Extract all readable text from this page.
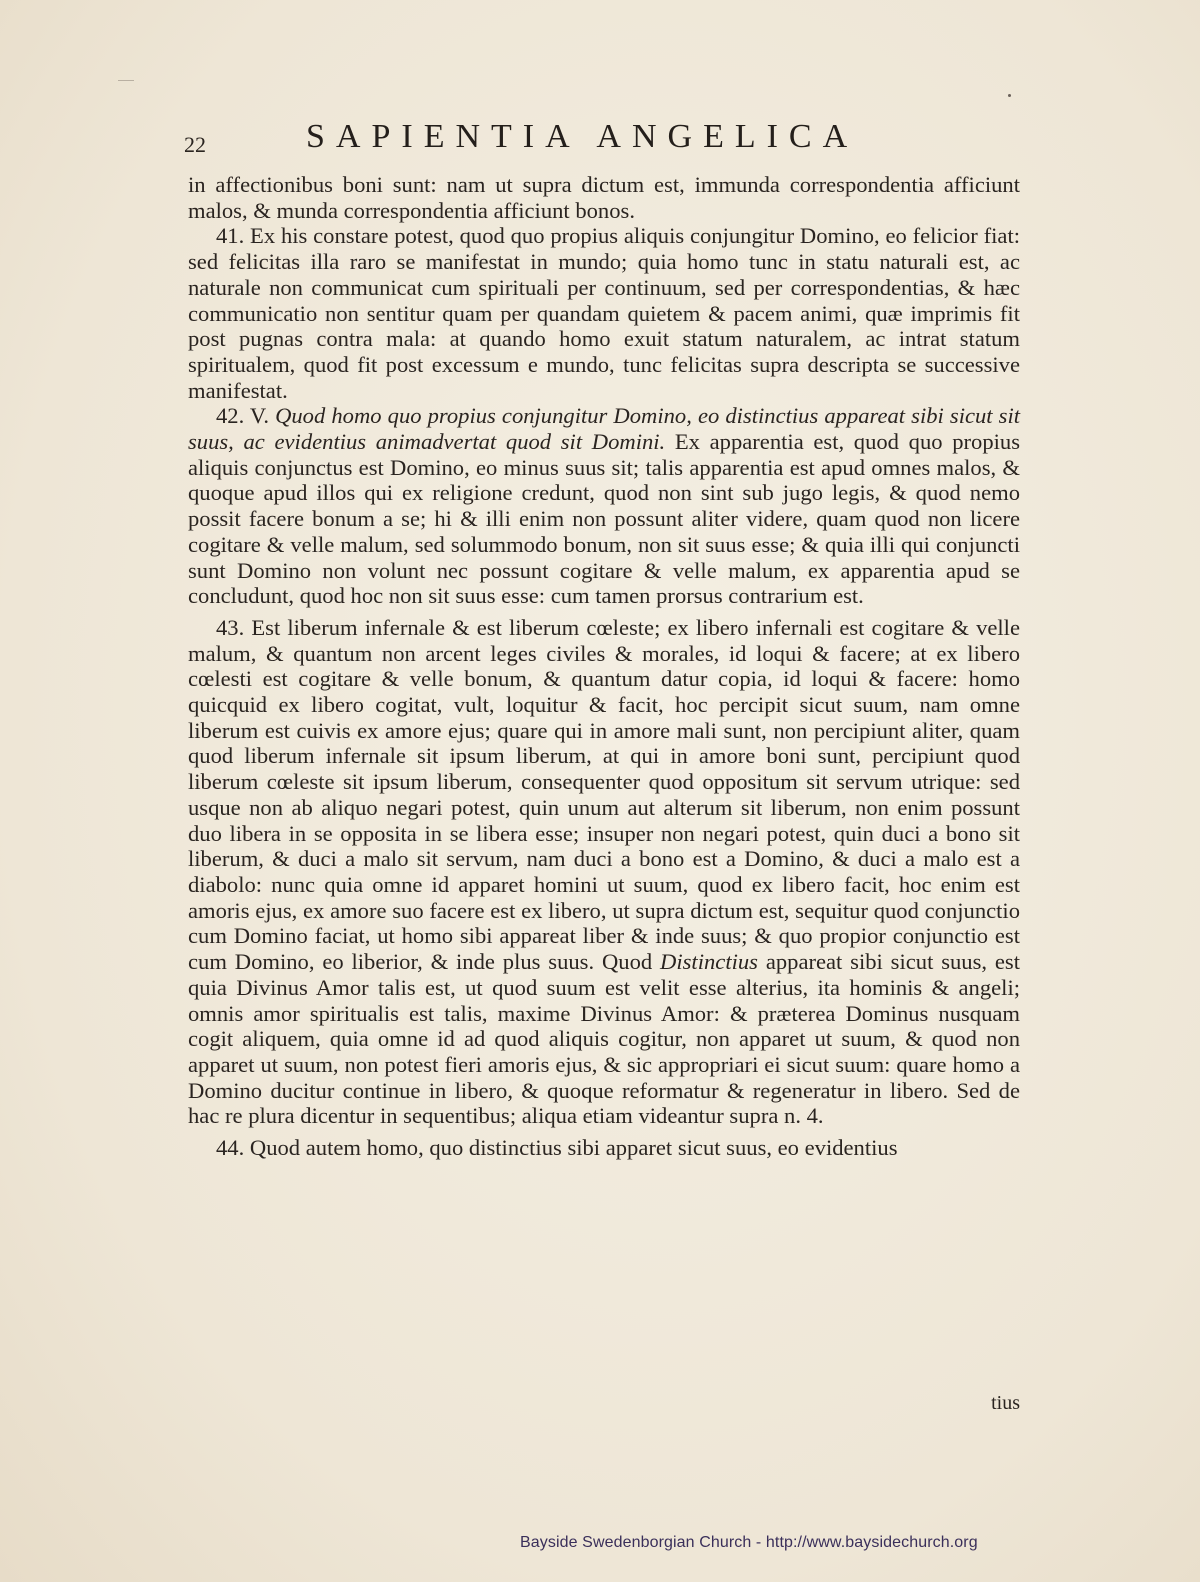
22	SAPIENTIA ANGELICA

in affectionibus boni sunt: nam ut supra dictum est, immunda correspondentia afficiunt malos, & munda correspondentia afficiunt bonos.

41. Ex his constare potest, quod quo propius aliquis conjungitur Domino, eo felicior fiat: sed felicitas illa raro se manifestat in mundo; quia homo tunc in statu naturali est, ac naturale non communicat cum spirituali per continuum, sed per correspondentias, & hæc communicatio non sentitur quam per quandam quietem & pacem animi, quæ imprimis fit post pugnas contra mala: at quando homo exuit statum naturalem, ac intrat statum spiritualem, quod fit post excessum e mundo, tunc felicitas supra descripta se successive manifestat.

42. V. Quod homo quo propius conjungitur Domino, eo distinctius appareat sibi sicut sit suus, ac evidentius animadvertat quod sit Domini. Ex apparentia est, quod quo propius aliquis conjunctus est Domino, eo minus suus sit; talis apparentia est apud omnes malos, & quoque apud illos qui ex religione credunt, quod non sint sub jugo legis, & quod nemo possit facere bonum a se; hi & illi enim non possunt aliter videre, quam quod non licere cogitare & velle malum, sed solummodo bonum, non sit suus esse; & quia illi qui conjuncti sunt Domino non volunt nec possunt cogitare & velle malum, ex apparentia apud se concludunt, quod hoc non sit suus esse: cum tamen prorsus contrarium est.

43. Est liberum infernale & est liberum cœleste; ex libero infernali est cogitare & velle malum, & quantum non arcent leges civiles & morales, id loqui & facere; at ex libero cœlesti est cogitare & velle bonum, & quantum datur copia, id loqui & facere: homo quicquid ex libero cogitat, vult, loquitur & facit, hoc percipit sicut suum, nam omne liberum est cuivis ex amore ejus; quare qui in amore mali sunt, non percipiunt aliter, quam quod liberum infernale sit ipsum liberum, at qui in amore boni sunt, percipiunt quod liberum cœleste sit ipsum liberum, consequenter quod oppositum sit servum utrique: sed usque non ab aliquo negari potest, quin unum aut alterum sit liberum, non enim possunt duo libera in se opposita in se libera esse; insuper non negari potest, quin duci a bono sit liberum, & duci a malo sit servum, nam duci a bono est a Domino, & duci a malo est a diabolo: nunc quia omne id apparet homini ut suum, quod ex libero facit, hoc enim est amoris ejus, ex amore suo facere est ex libero, ut supra dictum est, sequitur quod conjunctio cum Domino faciat, ut homo sibi appareat liber & inde suus; & quo propior conjunctio est cum Domino, eo liberior, & inde plus suus. Quod Distinctius appareat sibi sicut suus, est quia Divinus Amor talis est, ut quod suum est velit esse alterius, ita hominis & angeli; omnis amor spiritualis est talis, maxime Divinus Amor: & præterea Dominus nusquam cogit aliquem, quia omne id ad quod aliquis cogitur, non apparet ut suum, & quod non apparet ut suum, non potest fieri amoris ejus, & sic appropriari ei sicut suum: quare homo a Domino ducitur continue in libero, & quoque reformatur & regeneratur in libero. Sed de hac re plura dicentur in sequentibus; aliqua etiam videantur supra n. 4.

44. Quod autem homo, quo distinctius sibi apparet sicut suus, eo evidentius

tius
Bayside Swedenborgian Church - http://www.baysidechurch.org
